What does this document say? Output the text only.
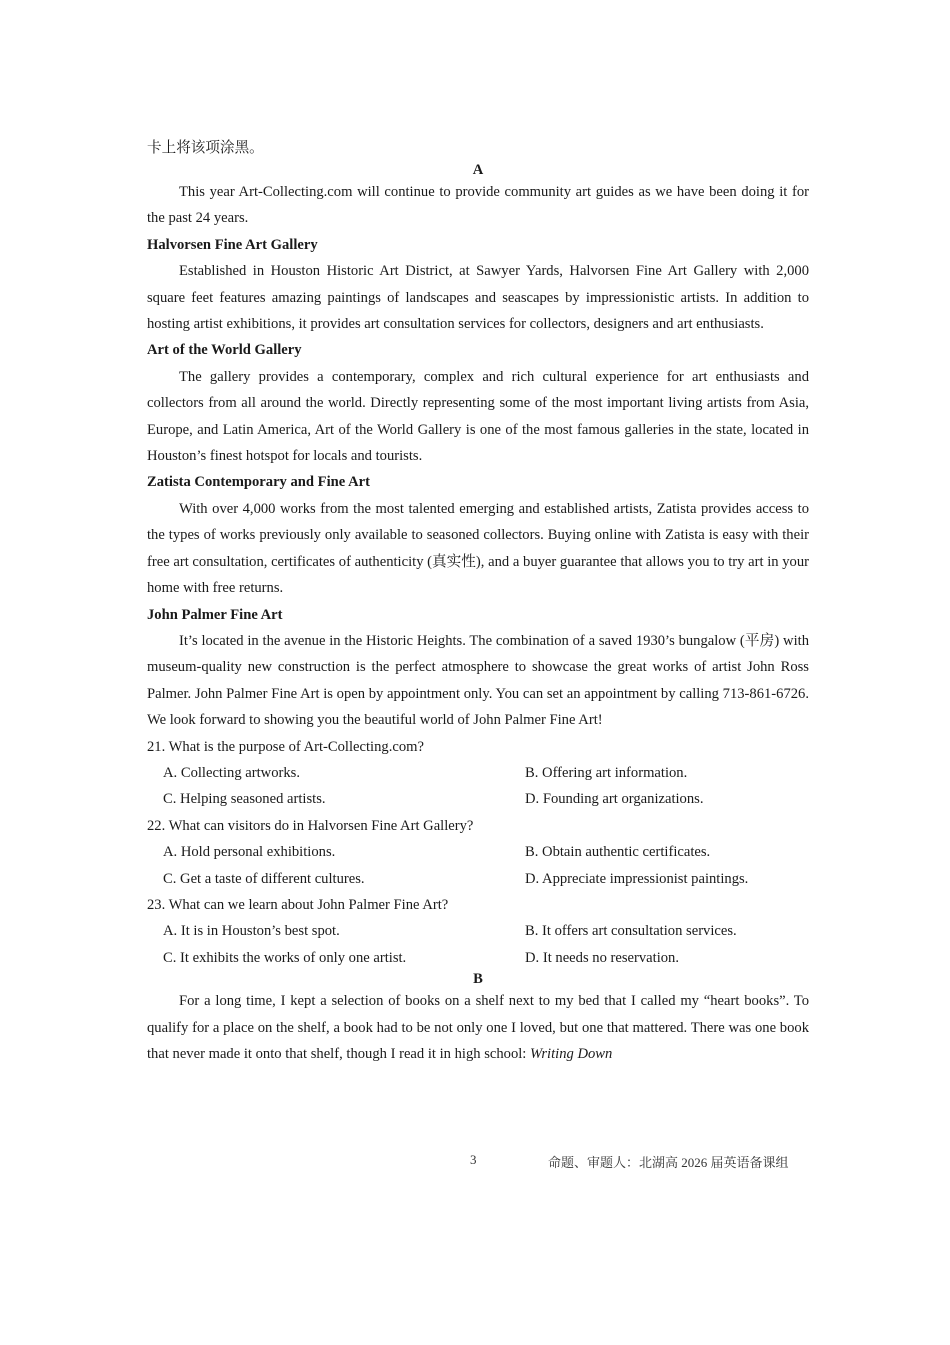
卡上将该项涂黑。
A

This year Art-Collecting.com will continue to provide community art guides as we have been doing it for the past 24 years.

Halvorsen Fine Art Gallery

Established in Houston Historic Art District, at Sawyer Yards, Halvorsen Fine Art Gallery with 2,000 square feet features amazing paintings of landscapes and seascapes by impressionistic artists. In addition to hosting artist exhibitions, it provides art consultation services for collectors, designers and art enthusiasts.

Art of the World Gallery

The gallery provides a contemporary, complex and rich cultural experience for art enthusiasts and collectors from all around the world. Directly representing some of the most important living artists from Asia, Europe, and Latin America, Art of the World Gallery is one of the most famous galleries in the state, located in Houston’s finest hotspot for locals and tourists.

Zatista Contemporary and Fine Art

With over 4,000 works from the most talented emerging and established artists, Zatista provides access to the types of works previously only available to seasoned collectors. Buying online with Zatista is easy with their free art consultation, certificates of authenticity (真实性), and a buyer guarantee that allows you to try art in your home with free returns.

John Palmer Fine Art

It’s located in the avenue in the Historic Heights. The combination of a saved 1930’s bungalow (平房) with museum-quality new construction is the perfect atmosphere to showcase the great works of artist John Ross Palmer. John Palmer Fine Art is open by appointment only. You can set an appointment by calling 713-861-6726. We look forward to showing you the beautiful world of John Palmer Fine Art!

21. What is the purpose of Art-Collecting.com?
A. Collecting artworks.	B. Offering art information.
C. Helping seasoned artists.	D. Founding art organizations.
22. What can visitors do in Halvorsen Fine Art Gallery?
A. Hold personal exhibitions.	B. Obtain authentic certificates.
C. Get a taste of different cultures.	D. Appreciate impressionist paintings.
23. What can we learn about John Palmer Fine Art?
A. It is in Houston’s best spot.	B. It offers art consultation services.
C. It exhibits the works of only one artist.	D. It needs no reservation.
B

For a long time, I kept a selection of books on a shelf next to my bed that I called my “heart books”. To qualify for a place on the shelf, a book had to be not only one I loved, but one that mattered. There was one book that never made it onto that shelf, though I read it in high school: Writing Down

3	命题、审题人：北湖高 2026 届英语备课组
